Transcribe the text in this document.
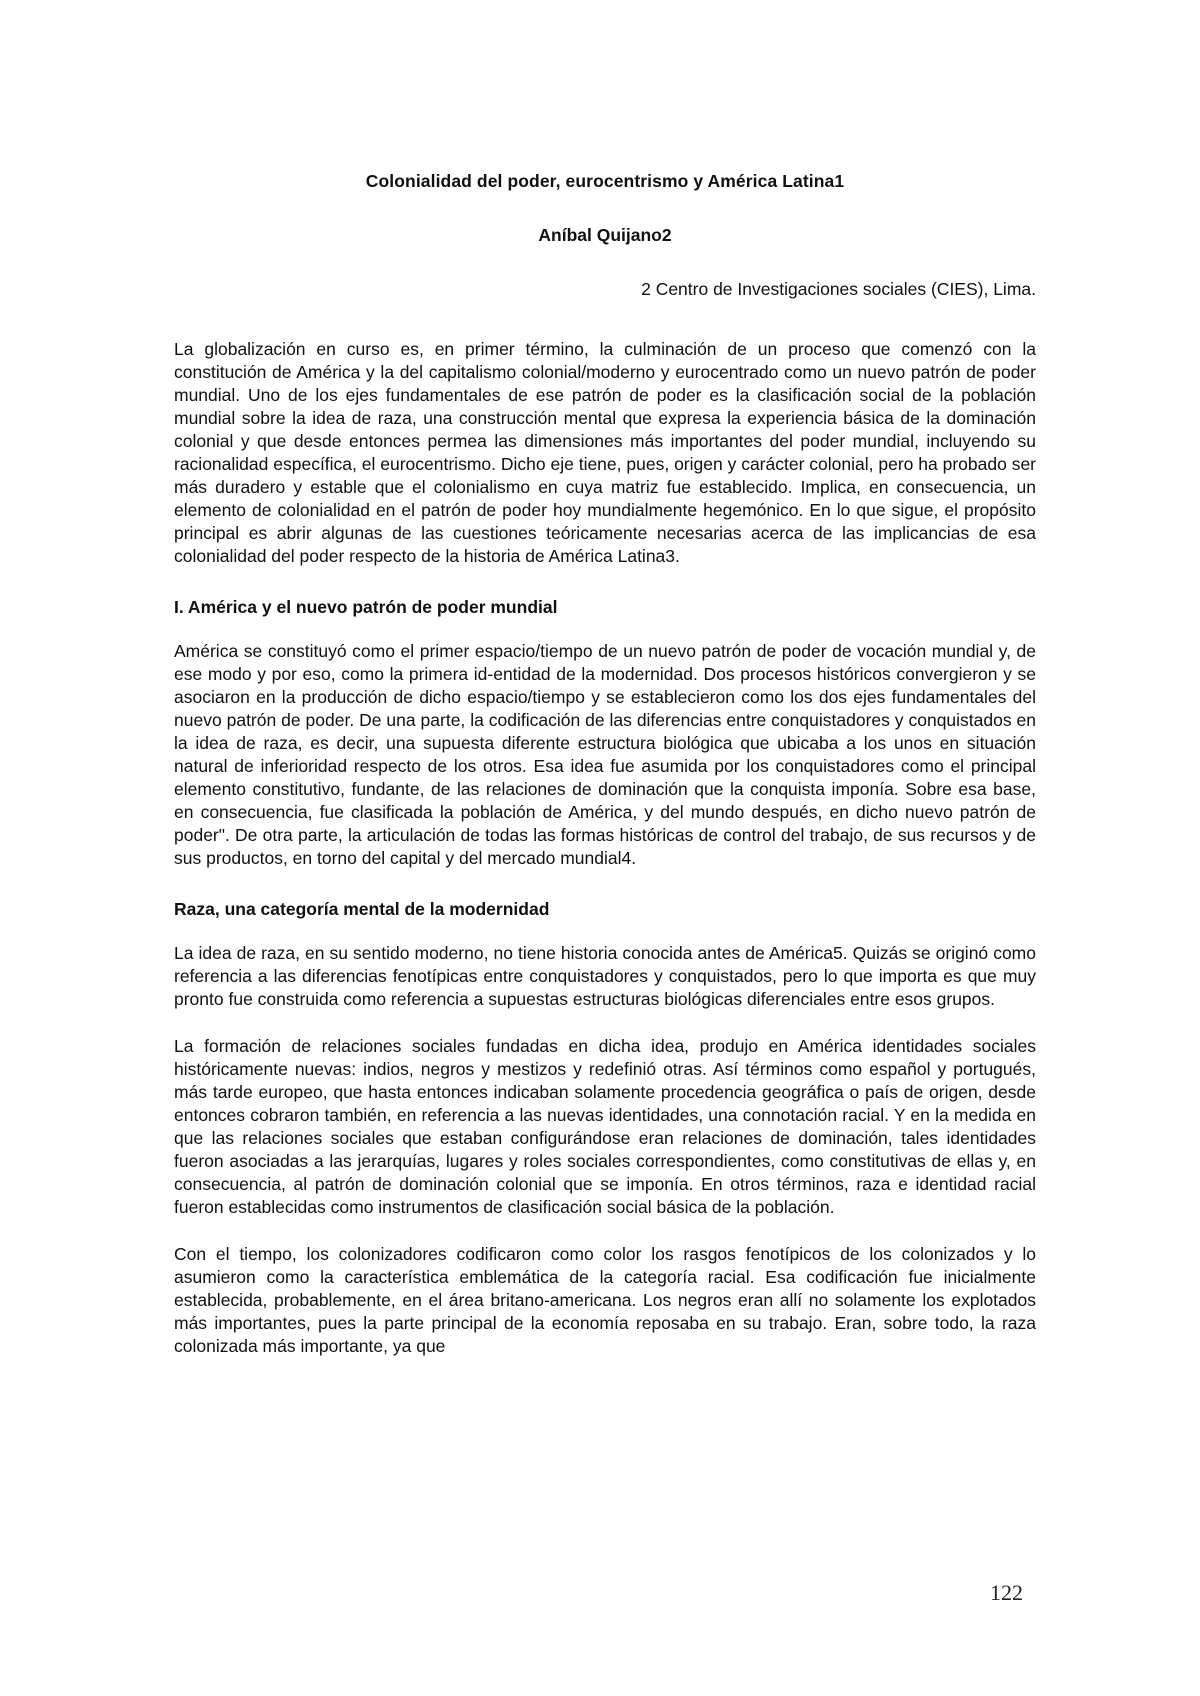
Colonialidad del poder, eurocentrismo y América Latina1

Aníbal Quijano2

2 Centro de Investigaciones sociales (CIES), Lima.

La globalización en curso es, en primer término, la culminación de un proceso que comenzó con la constitución de América y la del capitalismo colonial/moderno y eurocentrado como un nuevo patrón de poder mundial. Uno de los ejes fundamentales de ese patrón de poder es la clasificación social de la población mundial sobre la idea de raza, una construcción mental que expresa la experiencia básica de la dominación colonial y que desde entonces permea las dimensiones más importantes del poder mundial, incluyendo su racionalidad específica, el eurocentrismo. Dicho eje tiene, pues, origen y carácter colonial, pero ha probado ser más duradero y estable que el colonialismo en cuya matriz fue establecido. Implica, en consecuencia, un elemento de colonialidad en el patrón de poder hoy mundialmente hegemónico. En lo que sigue, el propósito principal es abrir algunas de las cuestiones teóricamente necesarias acerca de las implicancias de esa colonialidad del poder respecto de la historia de América Latina3.

I. América y el nuevo patrón de poder mundial

América se constituyó como el primer espacio/tiempo de un nuevo patrón de poder de vocación mundial y, de ese modo y por eso, como la primera id-entidad de la modernidad. Dos procesos históricos convergieron y se asociaron en la producción de dicho espacio/tiempo y se establecieron como los dos ejes fundamentales del nuevo patrón de poder. De una parte, la codificación de las diferencias entre conquistadores y conquistados en la idea de raza, es decir, una supuesta diferente estructura biológica que ubicaba a los unos en situación natural de inferioridad respecto de los otros. Esa idea fue asumida por los conquistadores como el principal elemento constitutivo, fundante, de las relaciones de dominación que la conquista imponía. Sobre esa base, en consecuencia, fue clasificada la población de América, y del mundo después, en dicho nuevo patrón de poder". De otra parte, la articulación de todas las formas históricas de control del trabajo, de sus recursos y de sus productos, en torno del capital y del mercado mundial4.

Raza, una categoría mental de la modernidad

La idea de raza, en su sentido moderno, no tiene historia conocida antes de América5. Quizás se originó como referencia a las diferencias fenotípicas entre conquistadores y conquistados, pero lo que importa es que muy pronto fue construida como referencia a supuestas estructuras biológicas diferenciales entre esos grupos.

La formación de relaciones sociales fundadas en dicha idea, produjo en América identidades sociales históricamente nuevas: indios, negros y mestizos y redefinió otras. Así términos como español y portugués, más tarde europeo, que hasta entonces indicaban solamente procedencia geográfica o país de origen, desde entonces cobraron también, en referencia a las nuevas identidades, una connotación racial. Y en la medida en que las relaciones sociales que estaban configurándose eran relaciones de dominación, tales identidades fueron asociadas a las jerarquías, lugares y roles sociales correspondientes, como constitutivas de ellas y, en consecuencia, al patrón de dominación colonial que se imponía. En otros términos, raza e identidad racial fueron establecidas como instrumentos de clasificación social básica de la población.

Con el tiempo, los colonizadores codificaron como color los rasgos fenotípicos de los colonizados y lo asumieron como la característica emblemática de la categoría racial. Esa codificación fue inicialmente establecida, probablemente, en el área britano-americana. Los negros eran allí no solamente los explotados más importantes, pues la parte principal de la economía reposaba en su trabajo. Eran, sobre todo, la raza colonizada más importante, ya que

122
